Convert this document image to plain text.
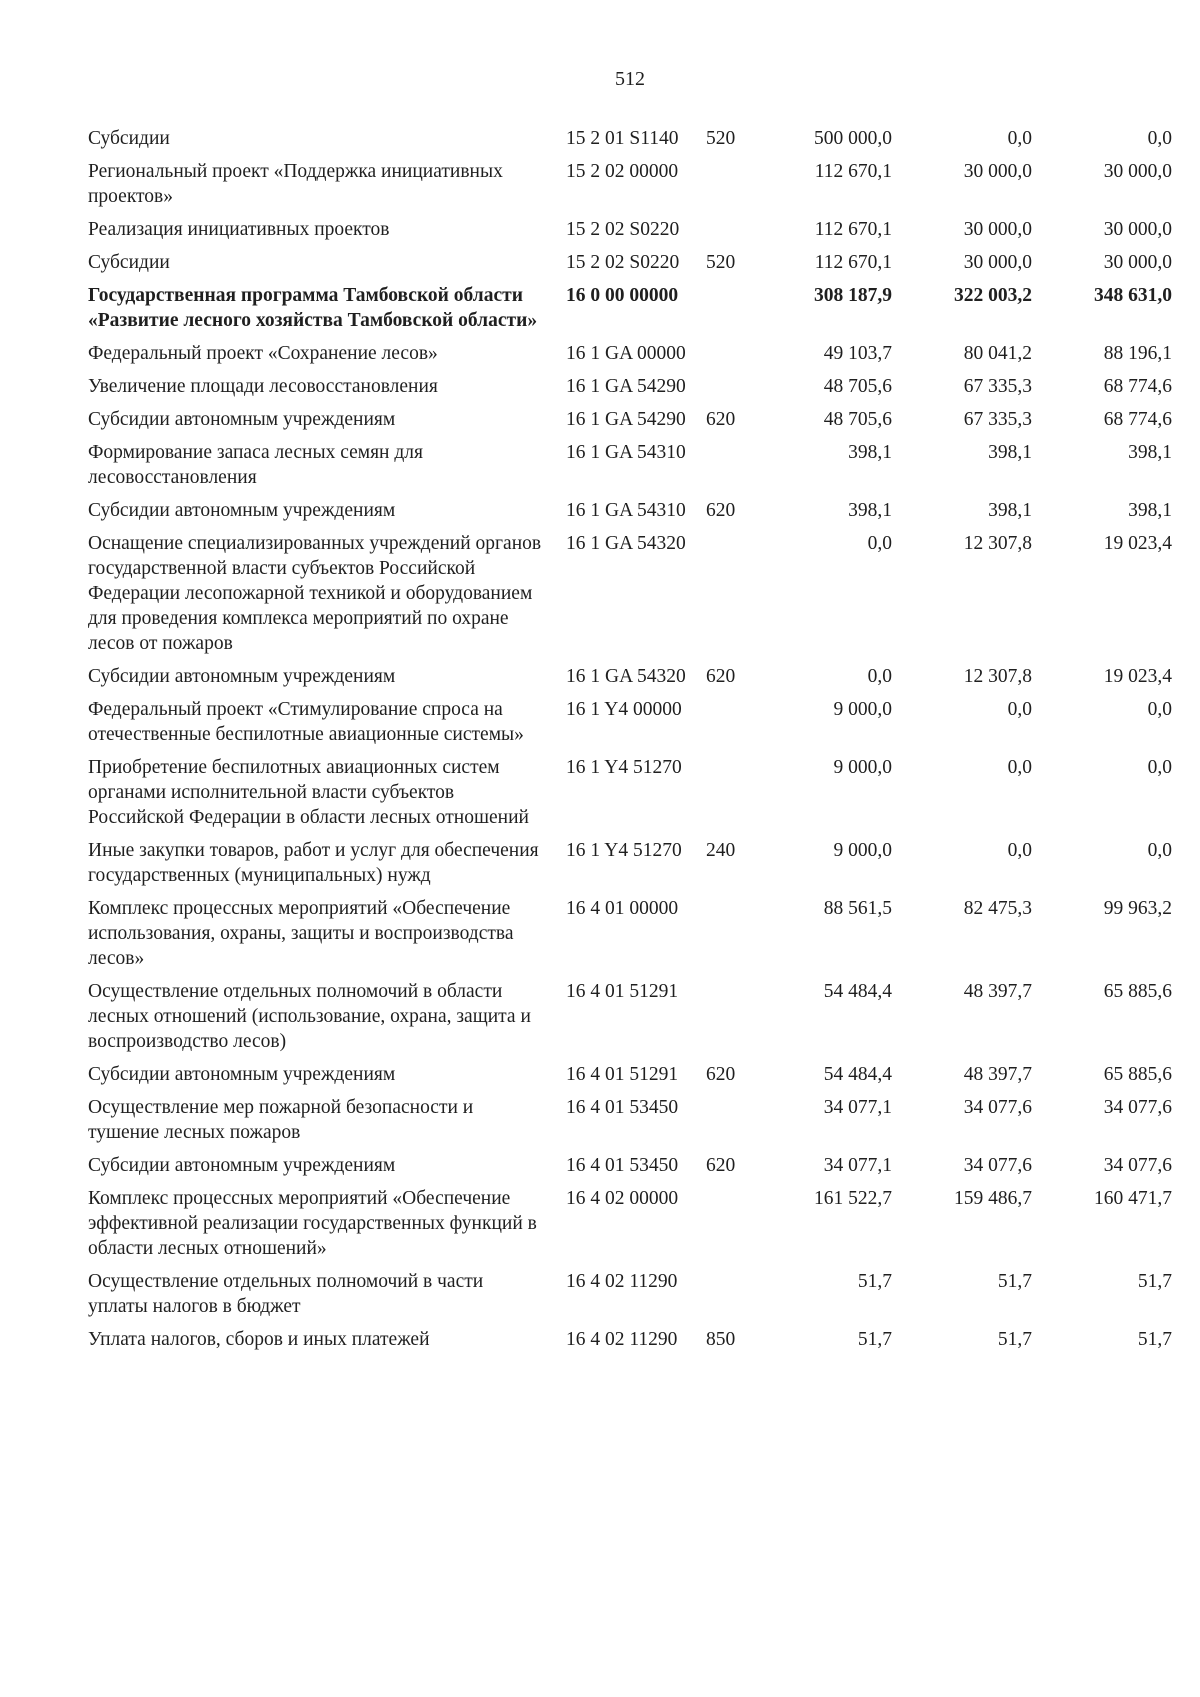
512
Субсидии	15 2 01 S1140	520	500 000,0	0,0	0,0
Региональный проект «Поддержка инициативных проектов»	15 2 02 00000		112 670,1	30 000,0	30 000,0
Реализация инициативных проектов	15 2 02 S0220		112 670,1	30 000,0	30 000,0
Субсидии	15 2 02 S0220	520	112 670,1	30 000,0	30 000,0
Государственная программа Тамбовской области «Развитие лесного хозяйства Тамбовской области»	16 0 00 00000		308 187,9	322 003,2	348 631,0
Федеральный проект «Сохранение лесов»	16 1 GA 00000		49 103,7	80 041,2	88 196,1
Увеличение площади лесовосстановления	16 1 GA 54290		48 705,6	67 335,3	68 774,6
Субсидии автономным учреждениям	16 1 GA 54290	620	48 705,6	67 335,3	68 774,6
Формирование запаса лесных семян для лесовосстановления	16 1 GA 54310		398,1	398,1	398,1
Субсидии автономным учреждениям	16 1 GA 54310	620	398,1	398,1	398,1
Оснащение специализированных учреждений органов государственной власти субъектов Российской Федерации лесопожарной техникой и оборудованием для проведения комплекса мероприятий по охране лесов от пожаров	16 1 GA 54320		0,0	12 307,8	19 023,4
Субсидии автономным учреждениям	16 1 GA 54320	620	0,0	12 307,8	19 023,4
Федеральный проект «Стимулирование спроса на отечественные беспилотные авиационные системы»	16 1 Y4 00000		9 000,0	0,0	0,0
Приобретение беспилотных авиационных систем органами исполнительной власти субъектов Российской Федерации в области лесных отношений	16 1 Y4 51270		9 000,0	0,0	0,0
Иные закупки товаров, работ и услуг для обеспечения государственных (муниципальных) нужд	16 1 Y4 51270	240	9 000,0	0,0	0,0
Комплекс процессных мероприятий «Обеспечение использования, охраны, защиты и воспроизводства лесов»	16 4 01 00000		88 561,5	82 475,3	99 963,2
Осуществление отдельных полномочий в области лесных отношений (использование, охрана, защита и воспроизводство лесов)	16 4 01 51291		54 484,4	48 397,7	65 885,6
Субсидии автономным учреждениям	16 4 01 51291	620	54 484,4	48 397,7	65 885,6
Осуществление мер пожарной безопасности и тушение лесных пожаров	16 4 01 53450		34 077,1	34 077,6	34 077,6
Субсидии автономным учреждениям	16 4 01 53450	620	34 077,1	34 077,6	34 077,6
Комплекс процессных мероприятий «Обеспечение эффективной реализации государственных функций в области лесных отношений»	16 4 02 00000		161 522,7	159 486,7	160 471,7
Осуществление отдельных полномочий в части уплаты налогов в бюджет	16 4 02 11290		51,7	51,7	51,7
Уплата налогов, сборов и иных платежей	16 4 02 11290	850	51,7	51,7	51,7
